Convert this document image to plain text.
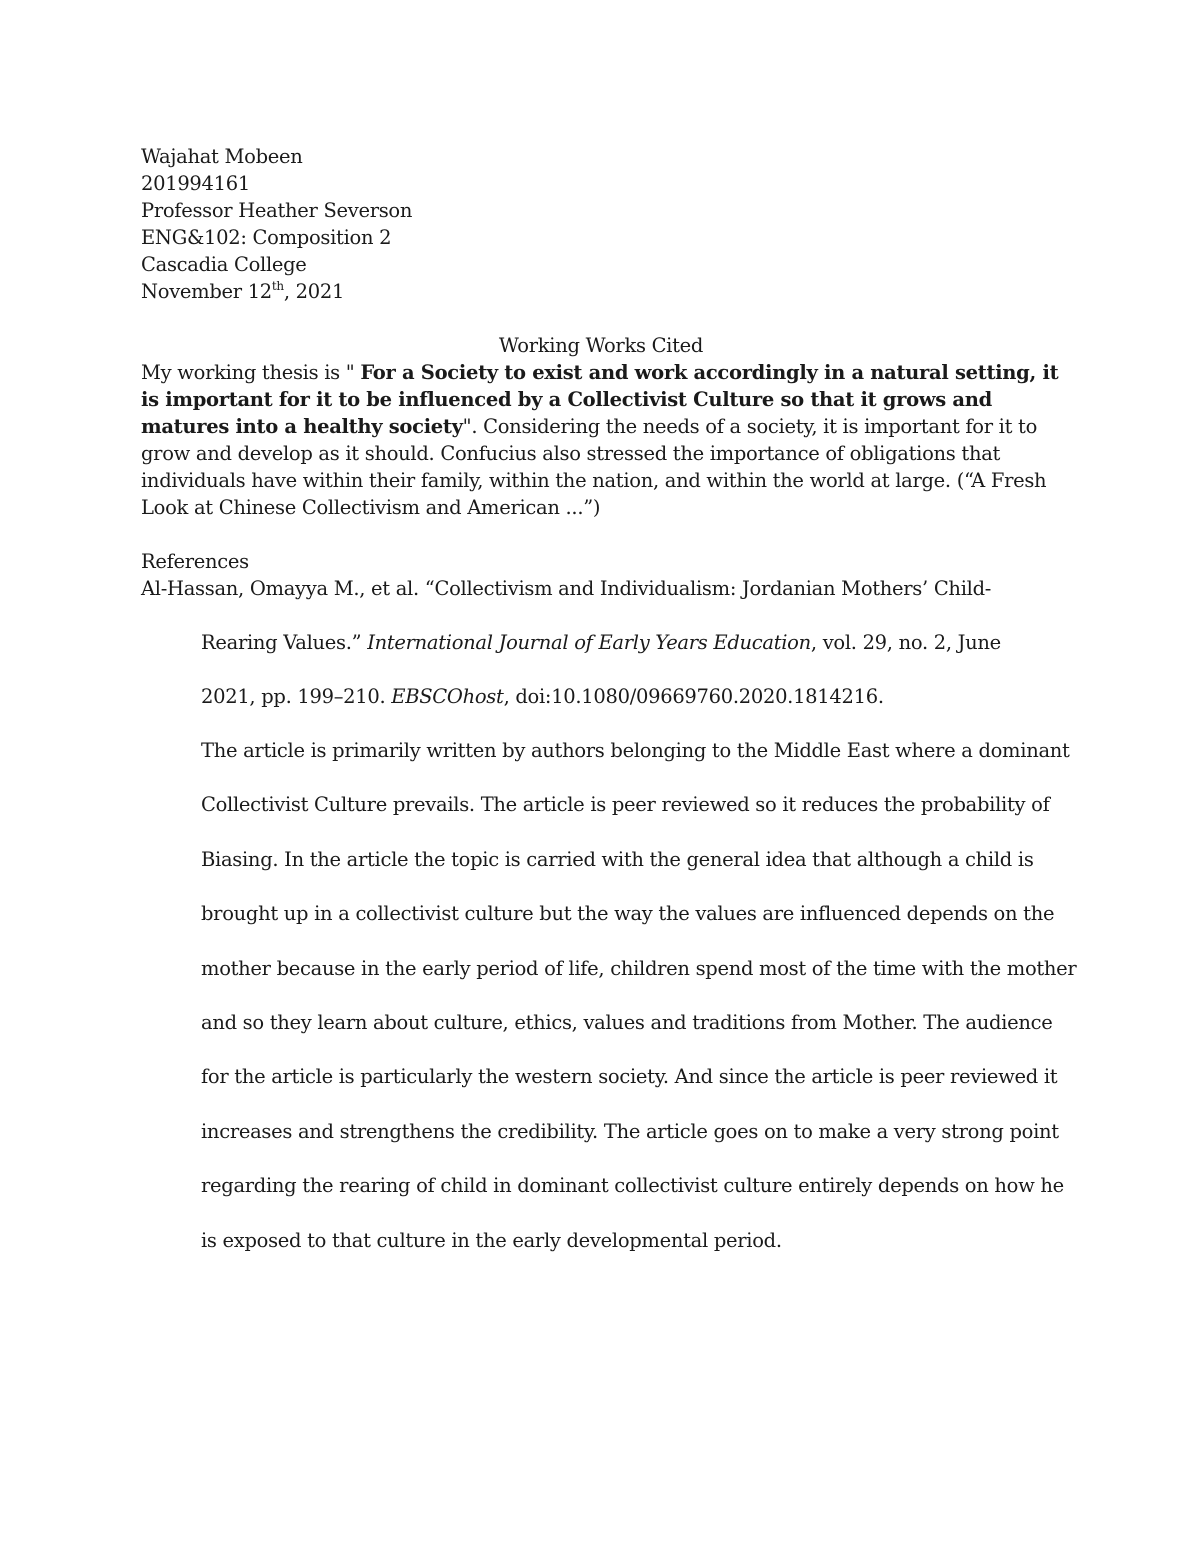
Wajahat Mobeen
201994161
Professor Heather Severson
ENG&102: Composition 2
Cascadia College
November 12th, 2021
Working Works Cited
My working thesis is " For a Society to exist and work accordingly in a natural setting, it is important for it to be influenced by a Collectivist Culture so that it grows and matures into a healthy society". Considering the needs of a society, it is important for it to grow and develop as it should. Confucius also stressed the importance of obligations that individuals have within their family, within the nation, and within the world at large. (“A Fresh Look at Chinese Collectivism and American ...”)
References
Al-Hassan, Omayya M., et al. “Collectivism and Individualism: Jordanian Mothers’ Child-
Rearing Values.” International Journal of Early Years Education, vol. 29, no. 2, June
2021, pp. 199–210. EBSCOhost, doi:10.1080/09669760.2020.1814216.
The article is primarily written by authors belonging to the Middle East where a dominant
Collectivist Culture prevails. The article is peer reviewed so it reduces the probability of
Biasing. In the article the topic is carried with the general idea that although a child is
brought up in a collectivist culture but the way the values are influenced depends on the
mother because in the early period of life, children spend most of the time with the mother
and so they learn about culture, ethics, values and traditions from Mother. The audience
for the article is particularly the western society. And since the article is peer reviewed it
increases and strengthens the credibility. The article goes on to make a very strong point
regarding the rearing of child in dominant collectivist culture entirely depends on how he
is exposed to that culture in the early developmental period.
